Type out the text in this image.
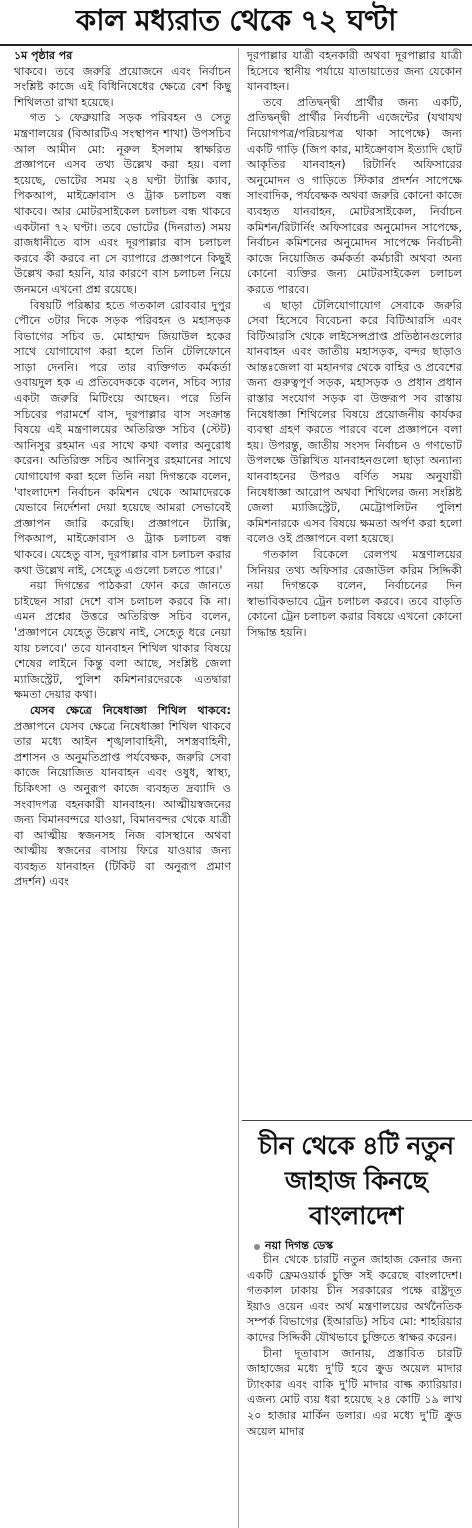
কাল মধ্যরাত থেকে ৭২ ঘণ্টা
১ম পৃষ্ঠার পর

থাকবে। তবে জরুরি প্রয়োজনে এবং নির্বাচন সংশ্লিষ্ট কাজে এই বিধিনিষেধের ক্ষেত্রে বেশ কিছু শিথিলতা রাখা হয়েছে।

গত ১ ফেব্রুয়ারি সড়ক পরিবহন ও সেতু মন্ত্রণালয়ের (বিআরটিএ সংস্থাপন শাখা) উপসচিব আল আমীন মো: নূরুল ইসলাম স্বাক্ষরিত প্রজ্ঞাপনে এসব তথ্য উল্লেখ করা হয়। বলা হয়েছে, ভোটের সময় ২৪ ঘণ্টা ট্যাক্সি ক্যাব, পিকআপ, মাইক্রোবাস ও ট্রাক চলাচল বন্ধ থাকবে। আর মোটরসাইকেল চলাচল বন্ধ থাকবে একটানা ৭২ ঘণ্টা। তবে ভোটের (দিনরাত) সময় রাজধানীতে বাস এবং দূরপাল্লার বাস চলাচল করবে কী করবে না সে ব্যাপারে প্রজ্ঞাপনে কিছুই উল্লেখ করা হয়নি, যার কারণে বাস চলাচল নিয়ে জনমনে এখনো প্রশ্ন রয়েছে।

বিষয়টি পরিষ্কার হতে গতকাল রোববার দুপুর পৌনে ৩টার দিকে সড়ক পরিবহন ও মহাসড়ক বিভাগের সচিব ড. মোহাম্মদ জিয়াউল হকের সাথে যোগাযোগ করা হলে তিনি টেলিফোনে সাড়া দেননি। পরে তার ব্যক্তিগত কর্মকর্তা ওবায়দুল হক এ প্রতিবেদককে বলেন, সচিব স্যার একটা জরুরি মিটিংয়ে আছেন। পরে তিনি সচিবের পরামর্শে বাস, দূরপাল্লার বাস সংক্রান্ত বিষয়ে এই মন্ত্রণালয়ের অতিরিক্ত সচিব (স্টেট) আনিসুর রহমান এর সাথে কথা বলার অনুরোধ করেন। অতিরিক্ত সচিব আনিসুর রহমানের সাথে যোগাযোগ করা হলে তিনি নয়া দিগন্তকে বলেন, 'বাংলাদেশ নির্বাচন কমিশন থেকে আমাদেরকে যেভাবে নির্দেশনা দেয়া হয়েছে আমরা সেভাবেই প্রজ্ঞাপন জারি করেছি। প্রজ্ঞাপনে ট্যাক্সি, পিকআপ, মাইক্রোবাস ও ট্রাক চলাচল বন্ধ থাকবে। যেহেতু বাস, দূরপাল্লার বাস চলাচল করার কথা উল্লেখ নাই, সেহেতু এগুলো চলতে পারে।'

নয়া দিগন্তের পাঠকরা ফোন করে জানতে চাইছেন সারা দেশে বাস চলাচল করবে কি না। এমন প্রশ্নের উত্তরে অতিরিক্ত সচিব বলেন, 'প্রজ্ঞাপনে যেহেতু উল্লেখ নাই, সেহেতু ধরে নেয়া যায় চলবে।' তবে যানবাহন শিথিল থাকার বিষয়ে শেষের লাইনে কিন্তু বলা আছে, সংশ্লিষ্ট জেলা ম্যাজিস্ট্রেট, পুলিশ কমিশনারদেরকে এতদ্বারা ক্ষমতা দেয়ার কথা।

যেসব ক্ষেত্রে নিষেধাজ্ঞা শিথিল থাকবে: প্রজ্ঞাপনে যেসব ক্ষেত্রে নিষেধাজ্ঞা শিথিল থাকবে তার মধ্যে আইন শৃঙ্খলাবাহিনী, সশস্ত্রবাহিনী, প্রশাসন ও অনুমতিপ্রাপ্ত পর্যবেক্ষক, জরুরি সেবা কাজে নিয়োজিত যানবাহন এবং ওষুধ, স্বাস্থ্য, চিকিৎসা ও অনুরূপ কাজে ব্যবহৃত দ্রব্যাদি ও সংবাদপত্র বহনকারী যানবাহন। আত্মীয়স্বজনের জন্য বিমানবন্দরে যাওয়া, বিমানবন্দর থেকে যাত্রী বা আত্মীয় স্বজনসহ নিজ বাসস্থানে অথবা আত্মীয় স্বজনের বাসায় ফিরে যাওয়ার জন্য ব্যবহৃত যানবাহন (টিকিট বা অনুরূপ প্রমাণ প্রদর্শন) এবং

দূরপাল্লার যাত্রী বহনকারী অথবা দূরপাল্লার যাত্রী হিসেবে স্থানীয় পর্যায়ে যাতায়াতের জন্য যেকোন যানবাহন।

তবে প্রতিদ্বন্দ্বী প্রার্থীর জন্য একটি, প্রতিদ্বন্দ্বী প্রার্থীর নির্বাচনী এজেন্টের (যথাযথ নিয়োগপত্র/পরিচয়পত্র থাকা সাপেক্ষে) জন্য একটি গাড়ি (জিপ কার, মাইক্রোবাস ইত্যাদি ছোট আকৃতির যানবাহন) রিটার্নিং অফিসারের অনুমোদন ও গাড়িতে স্টিকার প্রদর্শন সাপেক্ষে সাংবাদিক, পর্যবেক্ষক অথবা জরুরি কোনো কাজে ব্যবহৃত যানবাহন, মোটরসাইকেল, নির্বাচন কমিশন/রিটার্নিং অফিসারের অনুমোদন সাপেক্ষে, নির্বাচন কমিশনের অনুমোদন সাপেক্ষে নির্বাচনী কাজে নিয়োজিত কর্মকর্তা কর্মচারী অথবা অন্য কোনো ব্যক্তির জন্য মোটরসাইকেল চলাচল করতে পারবে।

এ ছাড়া টেলিযোগাযোগ সেবাকে জরুরি সেবা হিসেবে বিবেচনা করে বিটিআরসি এবং বিটিআরসি থেকে লাইসেন্সপ্রাপ্ত প্রতিষ্ঠানগুলোর যানবাহন এবং জাতীয় মহাসড়ক, বন্দর ছাড়াও আন্তঃজেলা বা মহানগর থেকে বাহির ও প্রবেশের জন্য গুরুত্বপূর্ণ সড়ক, মহাসড়ক ও প্রধান প্রধান রাস্তার সংযোগ সড়ক বা উক্তরূপ সব রাস্তায় নিষেধাজ্ঞা শিথিলের বিষয়ে প্রয়োজনীয় কার্যকর ব্যবস্থা গ্রহণ করতে পারবে বলে প্রজ্ঞাপনে বলা হয়। উপরন্তু, জাতীয় সংসদ নির্বাচন ও গণভোট উপলক্ষে উল্লিখিত যানবাহনগুলো ছাড়া অন্যান্য যানবাহনের উপরও বর্ণিত সময় অনুযায়ী নিষেধাজ্ঞা আরোপ অথবা শিথিলের জন্য সংশ্লিষ্ট জেলা ম্যাজিস্ট্রেট, মেট্রোপলিটন পুলিশ কমিশনারকে এসব বিষয়ে ক্ষমতা অর্পণ করা হলো বলেও ওই প্রজ্ঞাপনে বলা হয়েছে।

গতকাল বিকেলে রেলপথ মন্ত্রণালয়ের সিনিয়র তথ্য অফিসার রেজাউল করিম সিদ্দিকী নয়া দিগন্তকে বলেন, নির্বাচনের দিন স্বাভাবিকভাবে ট্রেন চলাচল করবে। তবে বাড়তি কোনো ট্রেন চলাচল করার বিষয়ে এখনো কোনো সিদ্ধান্ত হয়নি।

চীন থেকে ৪টি নতুন জাহাজ কিনছে বাংলাদেশ
নয়া দিগন্ত ডেস্ক

চীন থেকে চারটি নতুন জাহাজ কেনার জন্য একটি ফ্রেমওয়ার্ক চুক্তি সই করেছে বাংলাদেশ। গতকাল ঢাকায় চীন সরকারের পক্ষে রাষ্ট্রদূত ইয়াও ওয়েন এবং অর্থ মন্ত্রণালয়ের অর্থনৈতিক সম্পর্ক বিভাগের (ইআরডি) সচিব মো: শাহরিয়ার কাদের সিদ্দিকী যৌথভাবে চুক্তিতে স্বাক্ষর করেন।

চীনা দূতাবাস জানায়, প্রস্তাবিত চারটি জাহাজের মধ্যে দু'টি হবে ক্রুড অয়েল মাদার ট্যাংকার এবং বাকি দু'টি মাদার বাল্ক ক্যারিয়ার। এজন্য মোট ব্যয় ধরা হয়েছে ২৪ কোটি ১৯ লাখ ২০ হাজার মার্কিন ডলার। এর মধ্যে দু'টি ক্রুড অয়েল মাদার
